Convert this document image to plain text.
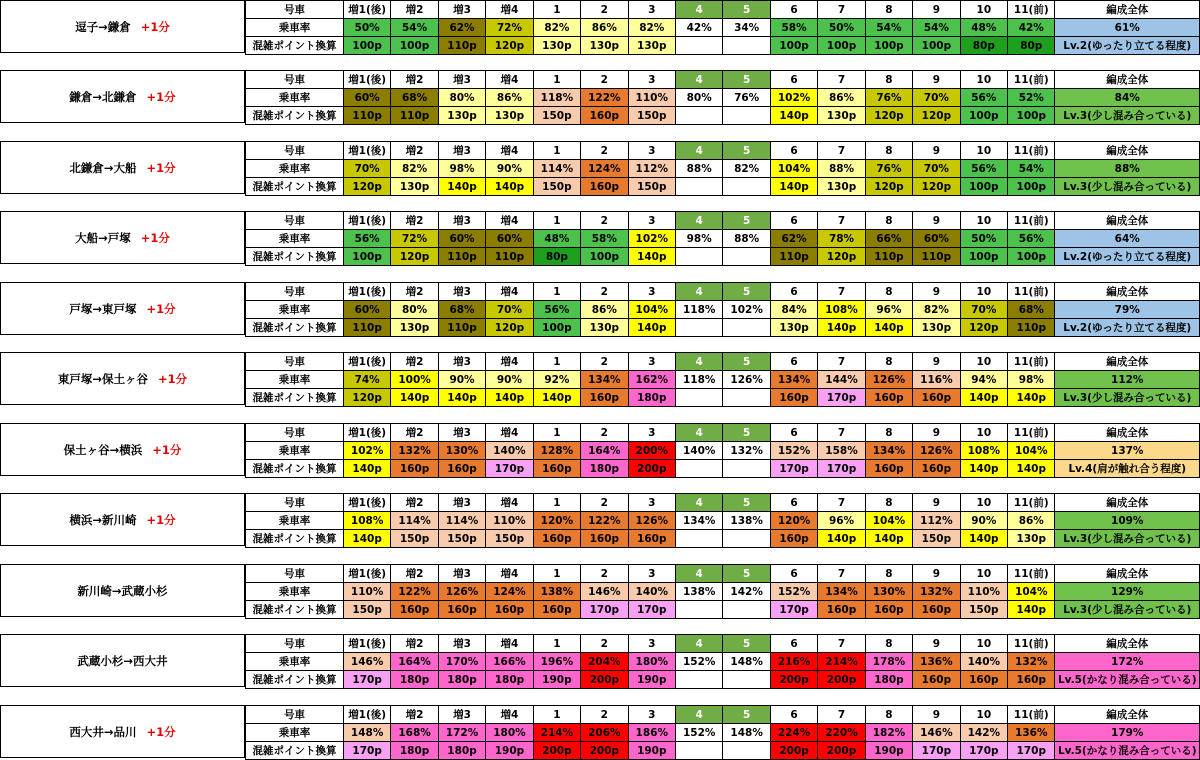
逗子→鎌倉 +1分
号車	増1(後)	増2	増3	増4	1	2	3	4	5	6	7	8	9	10	11(前)	編成全体
乗車率	50%	54%	62%	72%	82%	86%	82%	42%	34%	58%	50%	54%	54%	48%	42%	61%
混雑ポイント換算	100p	100p	110p	120p	130p	130p	130p			100p	100p	100p	100p	80p	80p	Lv.2(ゆったり立てる程度)
鎌倉→北鎌倉 +1分
号車	増1(後)	増2	増3	増4	1	2	3	4	5	6	7	8	9	10	11(前)	編成全体
乗車率	60%	68%	80%	86%	118%	122%	110%	80%	76%	102%	86%	76%	70%	56%	52%	84%
混雑ポイント換算	110p	110p	130p	130p	150p	160p	150p			140p	130p	120p	120p	100p	100p	Lv.3(少し混み合っている)
北鎌倉→大船 +1分
号車	増1(後)	増2	増3	増4	1	2	3	4	5	6	7	8	9	10	11(前)	編成全体
乗車率	70%	82%	98%	90%	114%	124%	112%	88%	82%	104%	88%	76%	70%	56%	54%	88%
混雑ポイント換算	120p	130p	140p	140p	150p	160p	150p			140p	130p	120p	120p	100p	100p	Lv.3(少し混み合っている)
大船→戸塚 +1分
号車	増1(後)	増2	増3	増4	1	2	3	4	5	6	7	8	9	10	11(前)	編成全体
乗車率	56%	72%	60%	60%	48%	58%	102%	98%	88%	62%	78%	66%	60%	50%	56%	64%
混雑ポイント換算	100p	120p	110p	110p	80p	100p	140p			110p	120p	110p	110p	100p	100p	Lv.2(ゆったり立てる程度)
戸塚→東戸塚 +1分
号車	増1(後)	増2	増3	増4	1	2	3	4	5	6	7	8	9	10	11(前)	編成全体
乗車率	60%	80%	68%	70%	56%	86%	104%	118%	102%	84%	108%	96%	82%	70%	68%	79%
混雑ポイント換算	110p	130p	110p	120p	100p	130p	140p			130p	140p	140p	130p	120p	110p	Lv.2(ゆったり立てる程度)
東戸塚→保土ヶ谷 +1分
号車	増1(後)	増2	増3	増4	1	2	3	4	5	6	7	8	9	10	11(前)	編成全体
乗車率	74%	100%	90%	90%	92%	134%	162%	118%	126%	134%	144%	126%	116%	94%	98%	112%
混雑ポイント換算	120p	140p	140p	140p	140p	160p	180p			160p	170p	160p	160p	140p	140p	Lv.3(少し混み合っている)
保土ヶ谷→横浜 +1分
号車	増1(後)	増2	増3	増4	1	2	3	4	5	6	7	8	9	10	11(前)	編成全体
乗車率	102%	132%	130%	140%	128%	164%	200%	140%	132%	152%	158%	134%	126%	108%	104%	137%
混雑ポイント換算	140p	160p	160p	170p	160p	180p	200p			170p	170p	160p	160p	140p	140p	Lv.4(肩が触れ合う程度)
横浜→新川崎 +1分
号車	増1(後)	増2	増3	増4	1	2	3	4	5	6	7	8	9	10	11(前)	編成全体
乗車率	108%	114%	114%	110%	120%	122%	126%	134%	138%	120%	96%	104%	112%	90%	86%	109%
混雑ポイント換算	140p	150p	150p	150p	160p	160p	160p			160p	140p	140p	150p	140p	130p	Lv.3(少し混み合っている)
新川崎→武蔵小杉
号車	増1(後)	増2	増3	増4	1	2	3	4	5	6	7	8	9	10	11(前)	編成全体
乗車率	110%	122%	126%	124%	138%	146%	140%	138%	142%	152%	134%	130%	132%	110%	104%	129%
混雑ポイント換算	150p	160p	160p	160p	160p	170p	170p			170p	160p	160p	160p	150p	140p	Lv.3(少し混み合っている)
武蔵小杉→西大井
号車	増1(後)	増2	増3	増4	1	2	3	4	5	6	7	8	9	10	11(前)	編成全体
乗車率	146%	164%	170%	166%	196%	204%	180%	152%	148%	216%	214%	178%	136%	140%	132%	172%
混雑ポイント換算	170p	180p	180p	180p	190p	200p	190p			200p	200p	180p	160p	160p	160p	Lv.5(かなり混み合っている)
西大井→品川 +1分
号車	増1(後)	増2	増3	増4	1	2	3	4	5	6	7	8	9	10	11(前)	編成全体
乗車率	148%	168%	172%	180%	214%	206%	186%	152%	148%	224%	220%	182%	146%	142%	136%	179%
混雑ポイント換算	170p	180p	180p	190p	200p	200p	190p			200p	200p	190p	170p	170p	170p	Lv.5(かなり混み合っている)
